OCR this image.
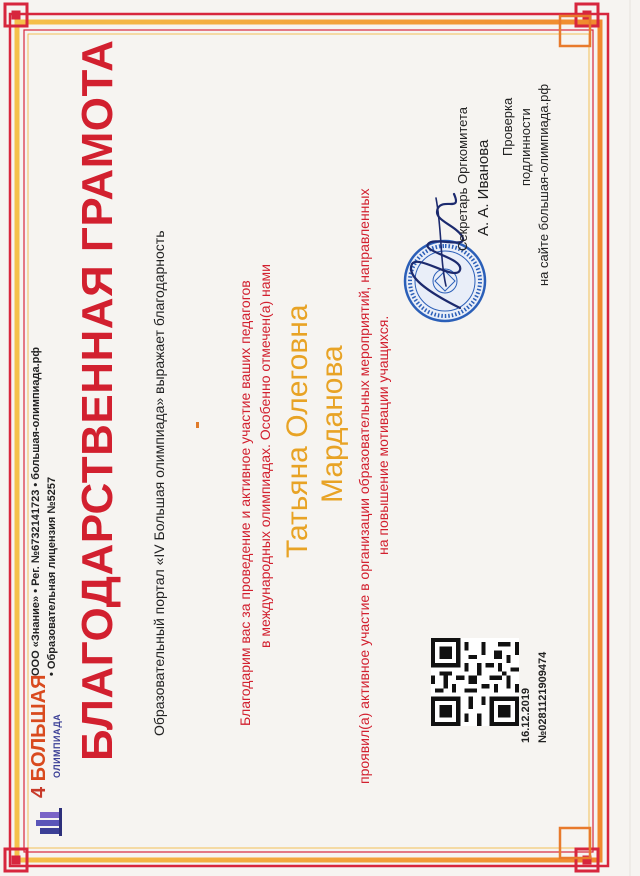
4 БОЛЬШАЯ ОЛИМПИАДА
ООО «Знание» • Рег. №6732141723 • большая-олимпиада.рф • Образовательная лицензия №5257 БЛАГОДАРСТВЕННАЯ ГРАМОТА Образовательный портал «IV Большая олимпиада» выражает благодарность	Благодарим вас за проведение и активное участие ваших педагогов в международных олимпиадах. Особенно отмечен(а) нами Татьяна Олеговна Марданова проявил(а) активное участие в организации образовательных мероприятий, направленных на повышение мотивации учащихся.
16.12.2019 №0281121909474
Секретарь Оргкомитета А. А. Иванова
Проверка подлинности на сайте большая-олимпиада.рф
